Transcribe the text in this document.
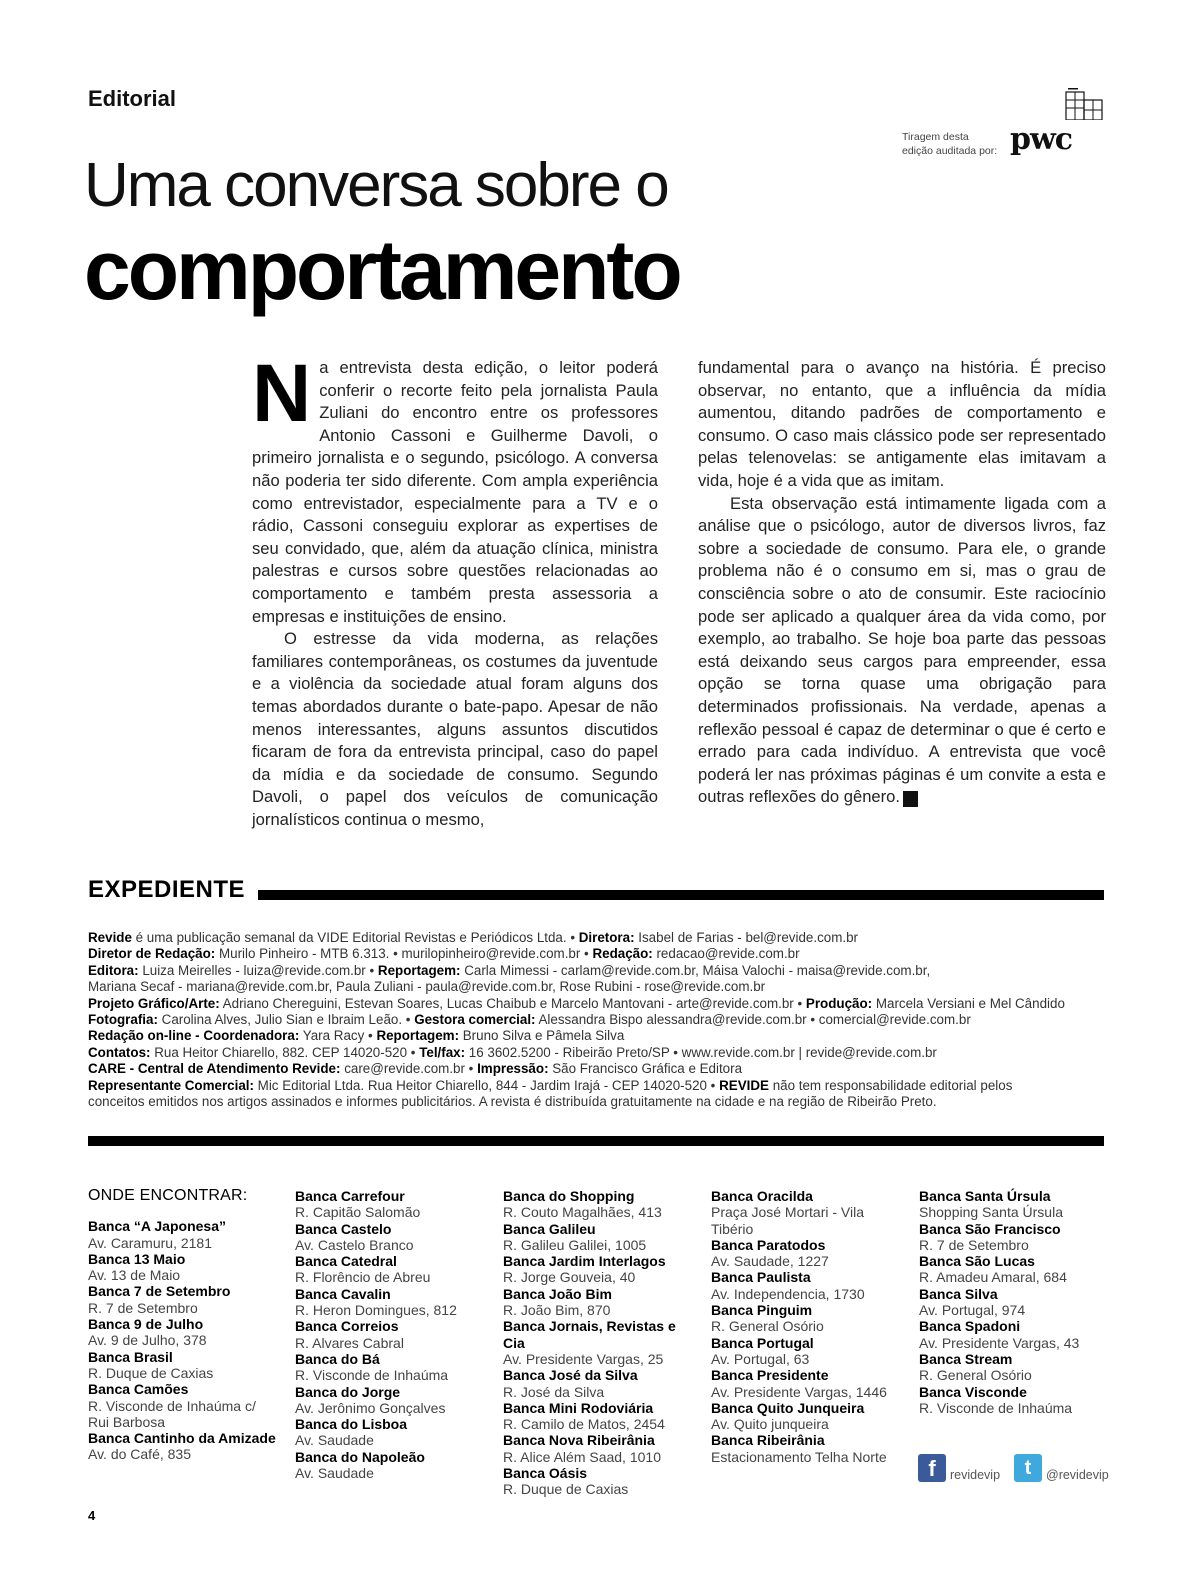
Editorial
Tiragem desta
edição auditada por: pwc
Uma conversa sobre o
comportamento

Na entrevista desta edição, o leitor poderá conferir o recorte feito pela jornalista Paula Zuliani do encontro entre os professores Antonio Cassoni e Guilherme Davoli, o primeiro jornalista e o segundo, psicólogo. A conversa não poderia ter sido diferente. Com ampla experiência como entrevistador, especialmente para a TV e o rádio, Cassoni conseguiu explorar as expertises de seu convidado, que, além da atuação clínica, ministra palestras e cursos sobre questões relacionadas ao comportamento e também presta assessoria a empresas e instituições de ensino.

O estresse da vida moderna, as relações familiares contemporâneas, os costumes da juventude e a violência da sociedade atual foram alguns dos temas abordados durante o bate-papo. Apesar de não menos interessantes, alguns assuntos discutidos ficaram de fora da entrevista principal, caso do papel da mídia e da sociedade de consumo. Segundo Davoli, o papel dos veículos de comunicação jornalísticos continua o mesmo,

fundamental para o avanço na história. É preciso observar, no entanto, que a influência da mídia aumentou, ditando padrões de comportamento e consumo. O caso mais clássico pode ser representado pelas telenovelas: se antigamente elas imitavam a vida, hoje é a vida que as imitam.

Esta observação está intimamente ligada com a análise que o psicólogo, autor de diversos livros, faz sobre a sociedade de consumo. Para ele, o grande problema não é o consumo em si, mas o grau de consciência sobre o ato de consumir. Este raciocínio pode ser aplicado a qualquer área da vida como, por exemplo, ao trabalho. Se hoje boa parte das pessoas está deixando seus cargos para empreender, essa opção se torna quase uma obrigação para determinados profissionais. Na verdade, apenas a reflexão pessoal é capaz de determinar o que é certo e errado para cada indivíduo. A entrevista que você poderá ler nas próximas páginas é um convite a esta e outras reflexões do gênero.	r

EXPEDIENTE
Revide é uma publicação semanal da VIDE Editorial Revistas e Periódicos Ltda. • Diretora: Isabel de Farias - bel@revide.com.br
Diretor de Redação: Murilo Pinheiro - MTB 6.313. • murilopinheiro@revide.com.br • Redação: redacao@revide.com.br
Editora: Luiza Meirelles - luiza@revide.com.br • Reportagem: Carla Mimessi - carlam@revide.com.br, Máisa Valochi - maisa@revide.com.br,
Mariana Secaf - mariana@revide.com.br, Paula Zuliani - paula@revide.com.br, Rose Rubini - rose@revide.com.br
Projeto Gráfico/Arte: Adriano Chereguini, Estevan Soares, Lucas Chaibub e Marcelo Mantovani - arte@revide.com.br • Produção: Marcela Versiani e Mel Cândido
Fotografia: Carolina Alves, Julio Sian e Ibraim Leão. • Gestora comercial: Alessandra Bispo alessandra@revide.com.br • comercial@revide.com.br
Redação on-line - Coordenadora: Yara Racy • Reportagem: Bruno Silva e Pâmela Silva
Contatos: Rua Heitor Chiarello, 882. CEP 14020-520 • Tel/fax: 16 3602.5200 - Ribeirão Preto/SP • www.revide.com.br | revide@revide.com.br
CARE - Central de Atendimento Revide: care@revide.com.br • Impressão: São Francisco Gráfica e Editora
Representante Comercial: Mic Editorial Ltda. Rua Heitor Chiarello, 844 - Jardim Irajá - CEP 14020-520 • REVIDE não tem responsabilidade editorial pelos
conceitos emitidos nos artigos assinados e informes publicitários. A revista é distribuída gratuitamente na cidade e na região de Ribeirão Preto.
ONDE ENCONTRAR:
Banca “A Japonesa”
Av. Caramuru, 2181
Banca 13 Maio
Av. 13 de Maio
Banca 7 de Setembro
R. 7 de Setembro
Banca 9 de Julho
Av. 9 de Julho, 378
Banca Brasil
R. Duque de Caxias
Banca Camões
R. Visconde de Inhaúma c/ Rui Barbosa
Banca Cantinho da Amizade
Av. do Café, 835
Banca Carrefour
R. Capitão Salomão
Banca Castelo
Av. Castelo Branco
Banca Catedral
R. Florêncio de Abreu
Banca Cavalin
R. Heron Domingues, 812
Banca Correios
R. Alvares Cabral
Banca do Bá
R. Visconde de Inhaúma
Banca do Jorge
Av. Jerônimo Gonçalves
Banca do Lisboa
Av. Saudade
Banca do Napoleão
Av. Saudade
Banca do Shopping
R. Couto Magalhães, 413
Banca Galileu
R. Galileu Galilei, 1005
Banca Jardim Interlagos
R. Jorge Gouveia, 40
Banca João Bim
R. João Bim, 870
Banca Jornais, Revistas e Cia
Av. Presidente Vargas, 25
Banca José da Silva
R. José da Silva
Banca Mini Rodoviária
R. Camilo de Matos, 2454
Banca Nova Ribeirânia
R. Alice Além Saad, 1010
Banca Oásis
R. Duque de Caxias
Banca Oracilda
Praça José Mortari - Vila Tibério
Banca Paratodos
Av. Saudade, 1227
Banca Paulista
Av. Independencia, 1730
Banca Pinguim
R. General Osório
Banca Portugal
Av. Portugal, 63
Banca Presidente
Av. Presidente Vargas, 1446
Banca Quito Junqueira
Av. Quito junqueira
Banca Ribeirânia
Estacionamento Telha Norte
Banca Santa Úrsula
Shopping Santa Úrsula
Banca São Francisco
R. 7 de Setembro
Banca São Lucas
R. Amadeu Amaral, 684
Banca Silva
Av. Portugal, 974
Banca Spadoni
Av. Presidente Vargas, 43
Banca Stream
R. General Osório
Banca Visconde
R. Visconde de Inhaúma
f	revidevip	t	@revidevip
4
